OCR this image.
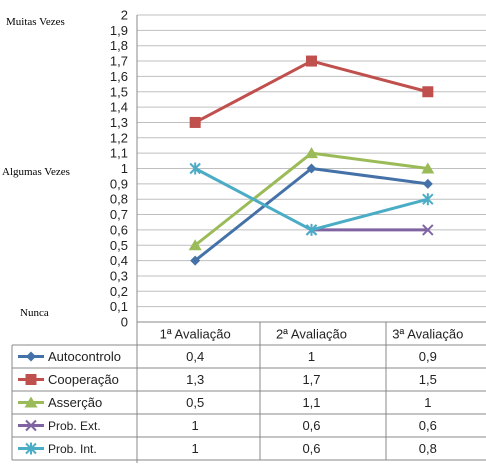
Muitas Vezes
Algumas Vezes
Nunca
0
0,1
0,2
0,3
0,4
0,5
0,6
0,7
0,8
0,9
1
1,1
1,2
1,3
1,4
1,5
1,6
1,7
1,8
1,9
2
1ª Avaliação	2ª Avaliação	3ª Avaliação
Autocontrolo	0,4	1	0,9
Cooperação	1,3	1,7	1,5
Asserção	0,5	1,1	1
Prob. Ext.	1	0,6	0,6
Prob. Int.	1	0,6	0,8
